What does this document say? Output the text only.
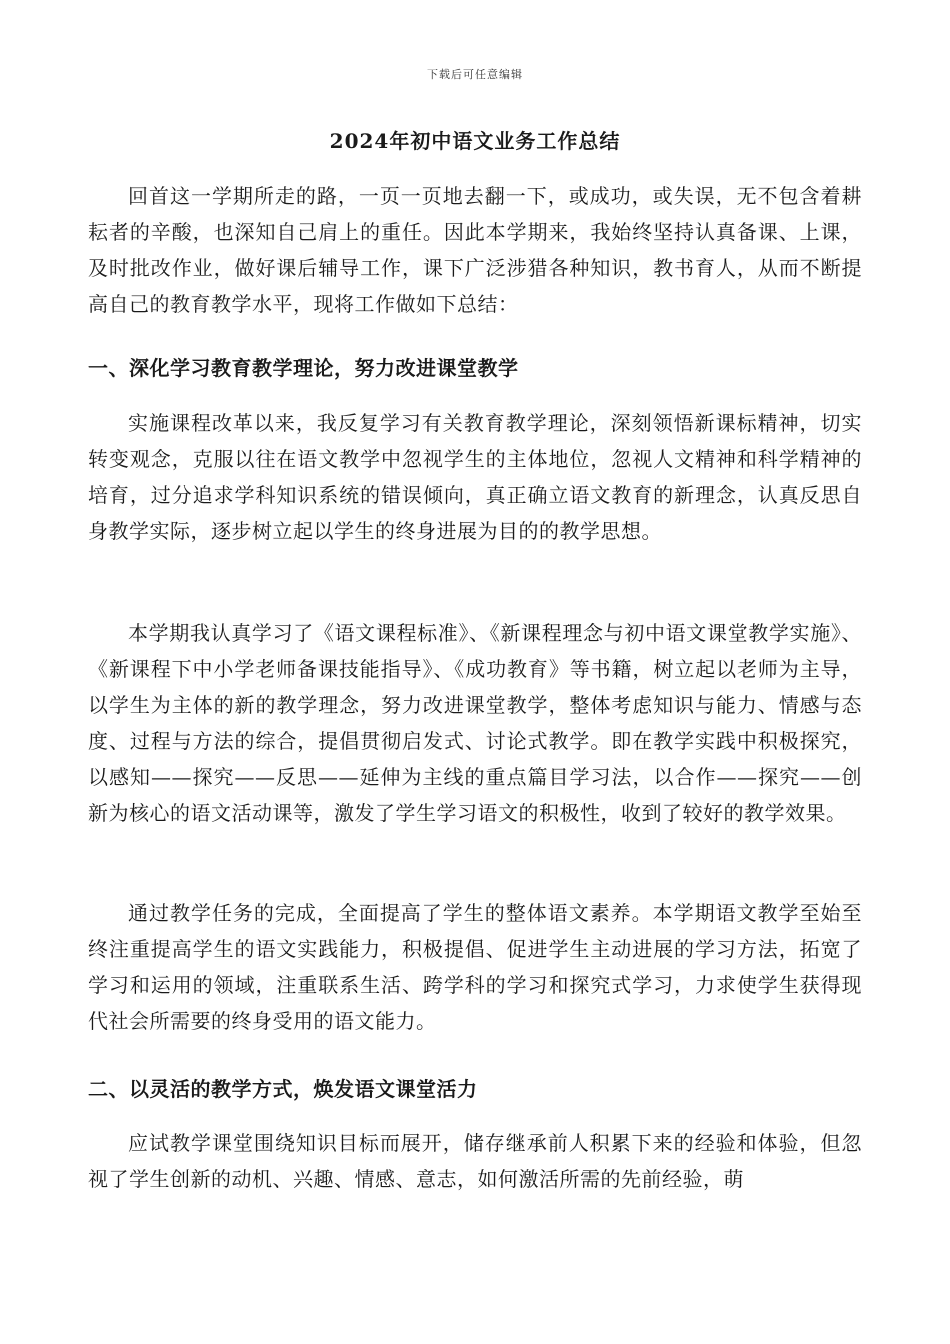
下载后可任意编辑
2024年初中语文业务工作总结

回首这一学期所走的路，一页一页地去翻一下，或成功，或失误，无不包含着耕耘者的辛酸，也深知自己肩上的重任。因此本学期来，我始终坚持认真备课、上课，及时批改作业，做好课后辅导工作，课下广泛涉猎各种知识，教书育人，从而不断提高自己的教育教学水平，现将工作做如下总结：

一、深化学习教育教学理论，努力改进课堂教学

实施课程改革以来，我反复学习有关教育教学理论，深刻领悟新课标精神，切实转变观念，克服以往在语文教学中忽视学生的主体地位，忽视人文精神和科学精神的培育，过分追求学科知识系统的错误倾向，真正确立语文教育的新理念，认真反思自身教学实际，逐步树立起以学生的终身进展为目的的教学思想。

本学期我认真学习了《语文课程标准》、《新课程理念与初中语文课堂教学实施》、《新课程下中小学老师备课技能指导》、《成功教育》等书籍，树立起以老师为主导，以学生为主体的新的教学理念，努力改进课堂教学，整体考虑知识与能力、情感与态度、过程与方法的综合，提倡贯彻启发式、讨论式教学。即在教学实践中积极探究，以感知——探究——反思——延伸为主线的重点篇目学习法，以合作——探究——创新为核心的语文活动课等，激发了学生学习语文的积极性，收到了较好的教学效果。

通过教学任务的完成，全面提高了学生的整体语文素养。本学期语文教学至始至终注重提高学生的语文实践能力，积极提倡、促进学生主动进展的学习方法，拓宽了学习和运用的领域，注重联系生活、跨学科的学习和探究式学习，力求使学生获得现代社会所需要的终身受用的语文能力。

二、以灵活的教学方式，焕发语文课堂活力

应试教学课堂围绕知识目标而展开，储存继承前人积累下来的经验和体验，但忽视了学生创新的动机、兴趣、情感、意志，如何激活所需的先前经验，萌
